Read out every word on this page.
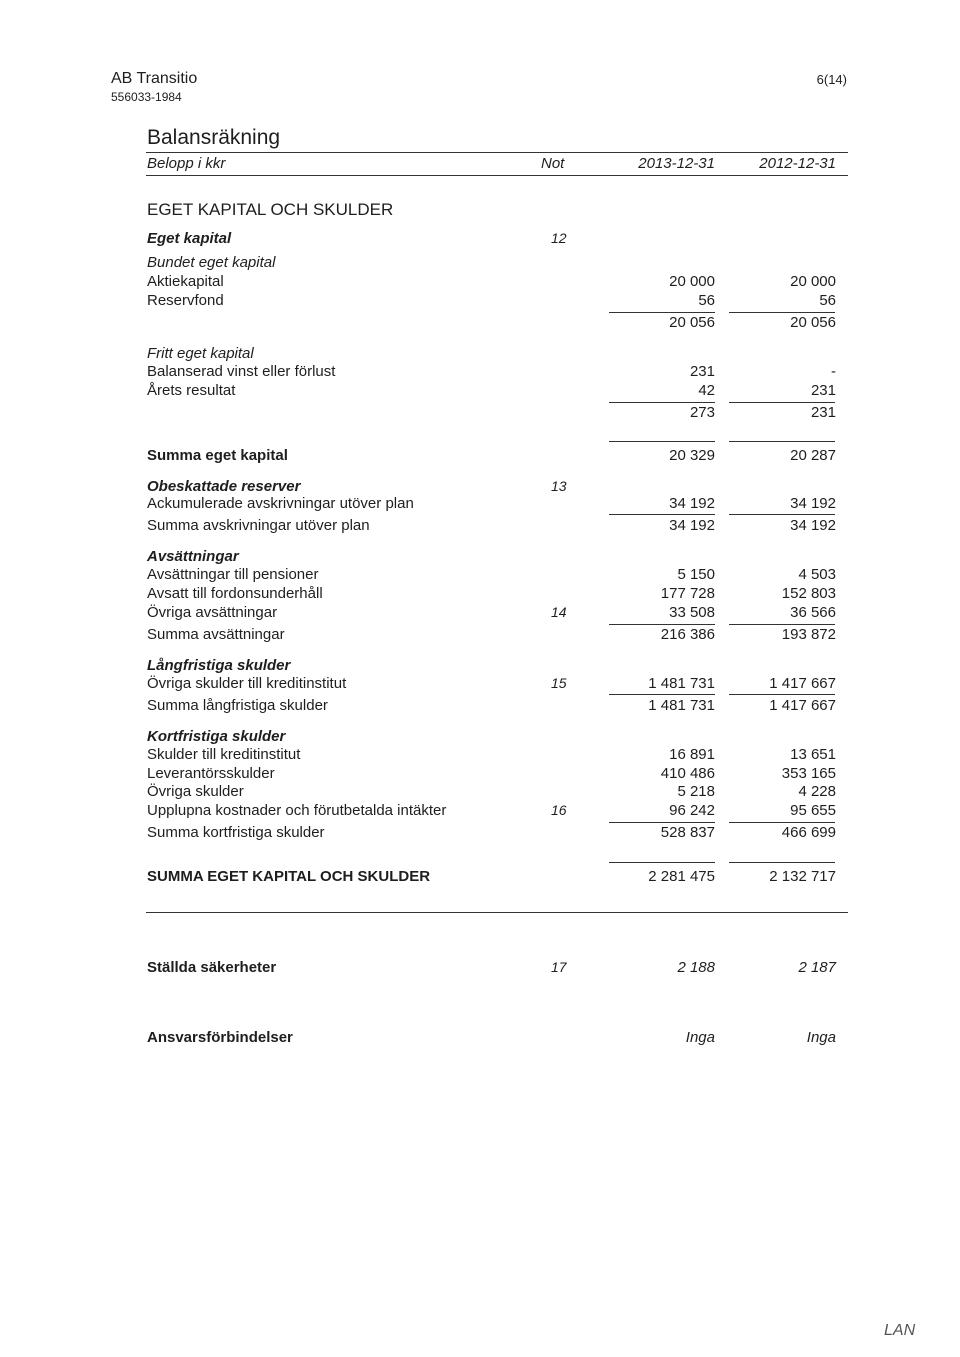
AB Transitio
556033-1984
6(14)
Balansräkning
Belopp i kkr	Not	2013-12-31	2012-12-31
EGET KAPITAL OCH SKULDER
Eget kapital	12
Bundet eget kapital
Aktiekapital	20 000	20 000
Reservfond	56	56
20 056	20 056
Fritt eget kapital
Balanserad vinst eller förlust	231	-
Årets resultat	42	231
273	231
Summa eget kapital	20 329	20 287
Obeskattade reserver	13
Ackumulerade avskrivningar utöver plan	34 192	34 192
Summa avskrivningar utöver plan	34 192	34 192
Avsättningar
Avsättningar till pensioner	5 150	4 503
Avsatt till fordonsunderhåll	177 728	152 803
Övriga avsättningar	14	33 508	36 566
Summa avsättningar	216 386	193 872
Långfristiga skulder
Övriga skulder till kreditinstitut	15	1 481 731	1 417 667
Summa långfristiga skulder	1 481 731	1 417 667
Kortfristiga skulder
Skulder till kreditinstitut	16 891	13 651
Leverantörsskulder	410 486	353 165
Övriga skulder	5 218	4 228
Upplupna kostnader och förutbetalda intäkter	16	96 242	95 655
Summa kortfristiga skulder	528 837	466 699
SUMMA EGET KAPITAL OCH SKULDER	2 281 475	2 132 717
Ställda säkerheter	17	2 188	2 187
Ansvarsförbindelser	Inga	Inga
LAN
